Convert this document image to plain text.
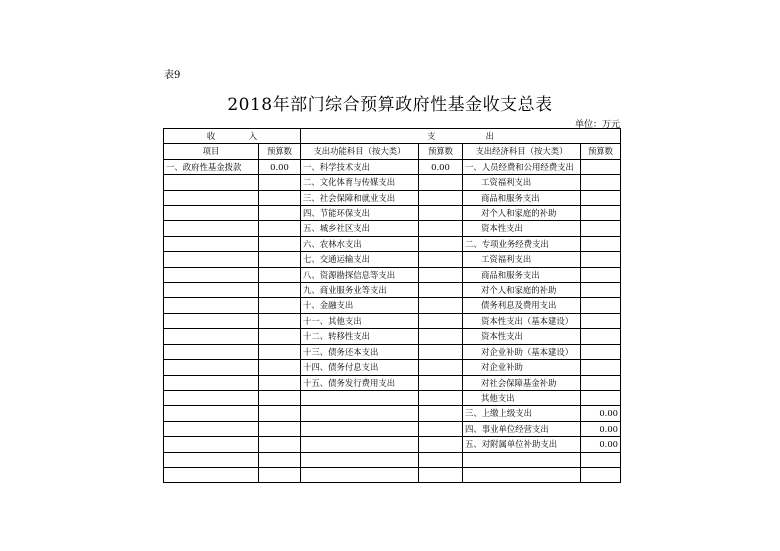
表9
2018年部门综合预算政府性基金收支总表
单位：万元
收　　　　入		支　　　　　　出			
项目	预算数	支出功能科目（按大类）	预算数	支出经济科目（按大类）	预算数
一、政府性基金拨款	0.00	一、科学技术支出	0.00	一、人员经费和公用经费支出	
		二、文化体育与传媒支出		工资福利支出	
		三、社会保障和就业支出		商品和服务支出	
		四、节能环保支出		对个人和家庭的补助	
		五、城乡社区支出		资本性支出	
		六、农林水支出		二、专项业务经费支出	
		七、交通运输支出		工资福利支出	
		八、资源勘探信息等支出		商品和服务支出	
		九、商业服务业等支出		对个人和家庭的补助	
		十、金融支出		债务利息及费用支出	
		十一、其他支出		资本性支出（基本建设）	
		十二、转移性支出		资本性支出	
		十三、债务还本支出		对企业补助（基本建设）	
		十四、债务付息支出		对企业补助	
		十五、债务发行费用支出		对社会保障基金补助	
				其他支出	
				三、上缴上级支出	0.00
				四、事业单位经营支出	0.00
				五、对附属单位补助支出	0.00
